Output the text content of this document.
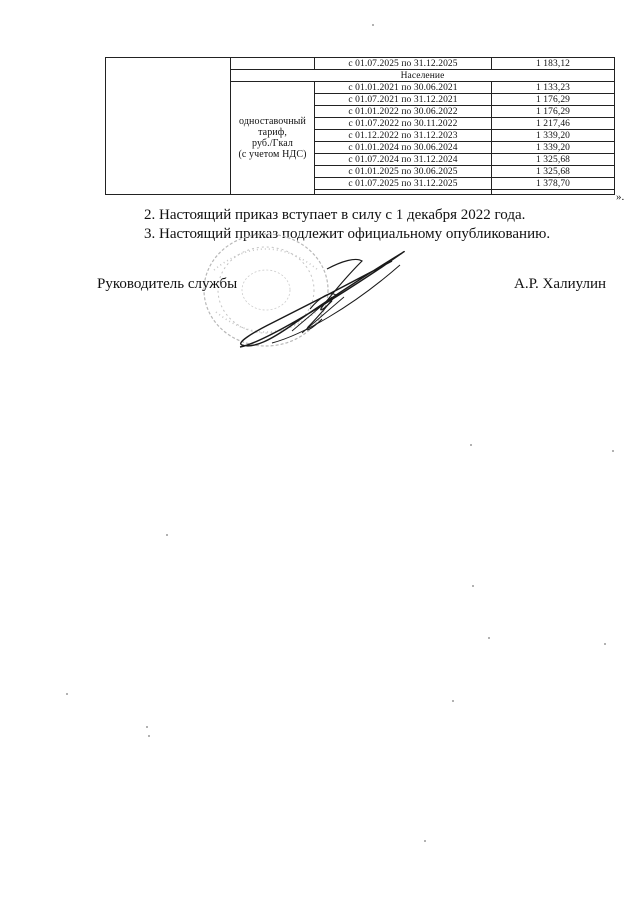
		с 01.07.2025 по 31.12.2025	1 183,12
	Население		
	одноставочный
тариф,
руб./Гкал
(с учетом НДС)	с 01.01.2021 по 30.06.2021	1 133,23
		с 01.07.2021 по 31.12.2021	1 176,29
		с 01.01.2022 по 30.06.2022	1 176,29
		с 01.07.2022 по 30.11.2022	1 217,46
		с 01.12.2022 по 31.12.2023	1 339,20
		с 01.01.2024 по 30.06.2024	1 339,20
		с 01.07.2024 по 31.12.2024	1 325,68
		с 01.01.2025 по 30.06.2025	1 325,68
		с 01.07.2025 по 31.12.2025	1 378,70

».
2. Настоящий приказ вступает в силу с 1 декабря 2022 года.
3. Настоящий приказ подлежит официальному опубликованию.
Руководитель службы	А.Р. Халиулин
